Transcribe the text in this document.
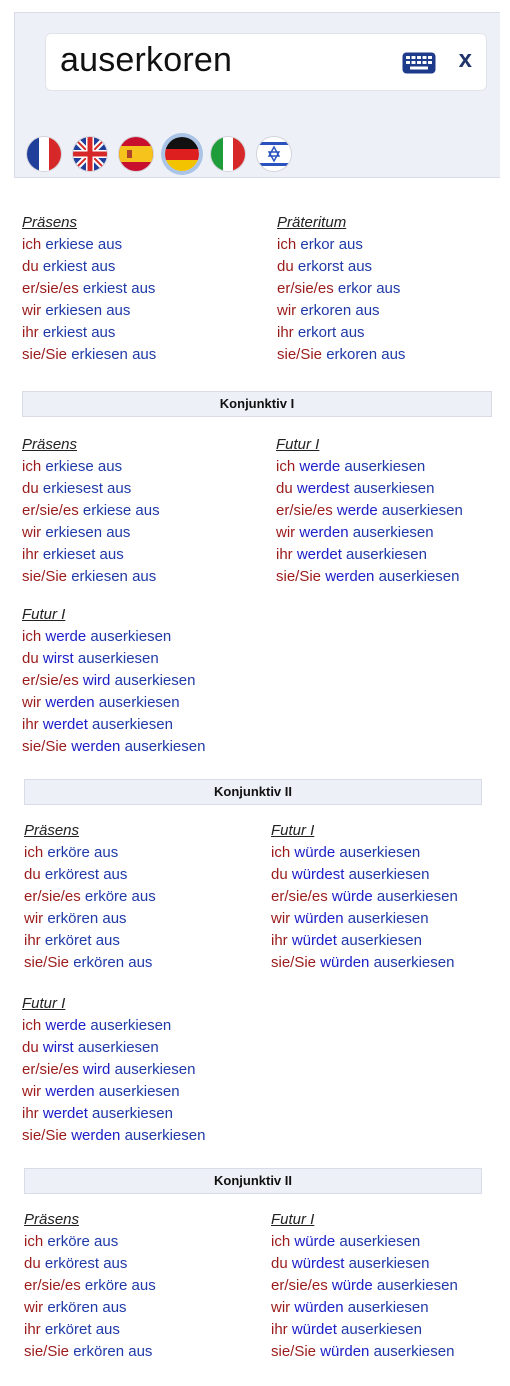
auserkoren	x
Präsens
ich erkiese aus
du erkiest aus
er/sie/es erkiest aus
wir erkiesen aus
ihr erkiest aus
sie/Sie erkiesen aus
Präteritum
ich erkor aus
du erkorst aus
er/sie/es erkor aus
wir erkoren aus
ihr erkort aus
sie/Sie erkoren aus
Konjunktiv I
Präsens
ich erkiese aus
du erkiesest aus
er/sie/es erkiese aus
wir erkiesen aus
ihr erkieset aus
sie/Sie erkiesen aus
Futur I
ich werde auserkiesen
du werdest auserkiesen
er/sie/es werde auserkiesen
wir werden auserkiesen
ihr werdet auserkiesen
sie/Sie werden auserkiesen
Futur I
ich werde auserkiesen
du wirst auserkiesen
er/sie/es wird auserkiesen
wir werden auserkiesen
ihr werdet auserkiesen
sie/Sie werden auserkiesen
Konjunktiv II
Präsens
ich erköre aus
du erkörest aus
er/sie/es erköre aus
wir erkören aus
ihr erköret aus
sie/Sie erkören aus
Futur I
ich würde auserkiesen
du würdest auserkiesen
er/sie/es würde auserkiesen
wir würden auserkiesen
ihr würdet auserkiesen
sie/Sie würden auserkiesen
Futur I
ich werde auserkiesen
du wirst auserkiesen
er/sie/es wird auserkiesen
wir werden auserkiesen
ihr werdet auserkiesen
sie/Sie werden auserkiesen
Konjunktiv II
Präsens
ich erköre aus
du erkörest aus
er/sie/es erköre aus
wir erkören aus
ihr erköret aus
sie/Sie erkören aus
Futur I
ich würde auserkiesen
du würdest auserkiesen
er/sie/es würde auserkiesen
wir würden auserkiesen
ihr würdet auserkiesen
sie/Sie würden auserkiesen
